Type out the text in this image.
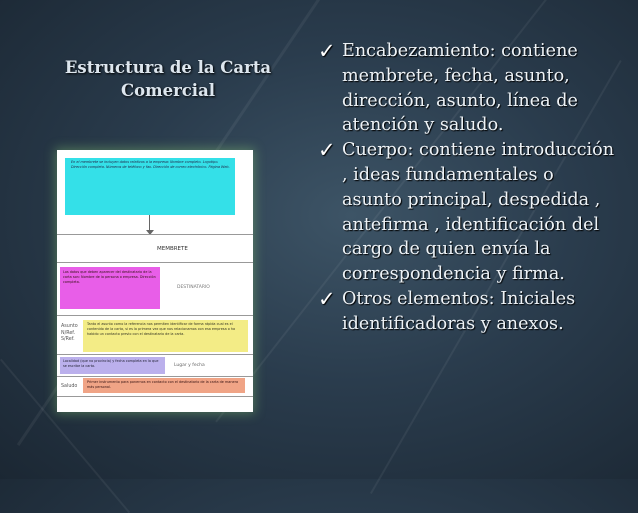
Estructura de la Carta
Comercial
En el membrete se incluyen datos relativos a la empresa: Nombre completo. Logotipo. Dirección completa. Números de teléfono y fax. Dirección de correo electrónico. Página Web.
MEMBRETE
Los datos que deben aparecer del destinatario de la carta son: Nombre de la persona o empresa. Dirección completa.
DESTINATARIO
Asunto N/Ref. S/Ref.
Tanto el asunto como la referencia nos permiten identificar de forma rápida cual es el contenido de la carta, si es la primera vez que nos relacionamos con esa empresa o ha habido un contacto previo con el destinatario de la carta.
Localidad (que no provincia) y fecha completa en la que se escribe la carta.	Lugar y fecha
Saludo
Primer instrumento para ponernos en contacto con el destinatario de la carta de manera más personal.

✓ Encabezamiento: contiene membrete, fecha, asunto, dirección, asunto, línea de atención y saludo.

✓ Cuerpo: contiene introducción , ideas fundamentales o asunto principal, despedida , antefirma , identificación del cargo de quien envía la correspondencia y firma.

✓ Otros elementos: Iniciales identificadoras y anexos.
